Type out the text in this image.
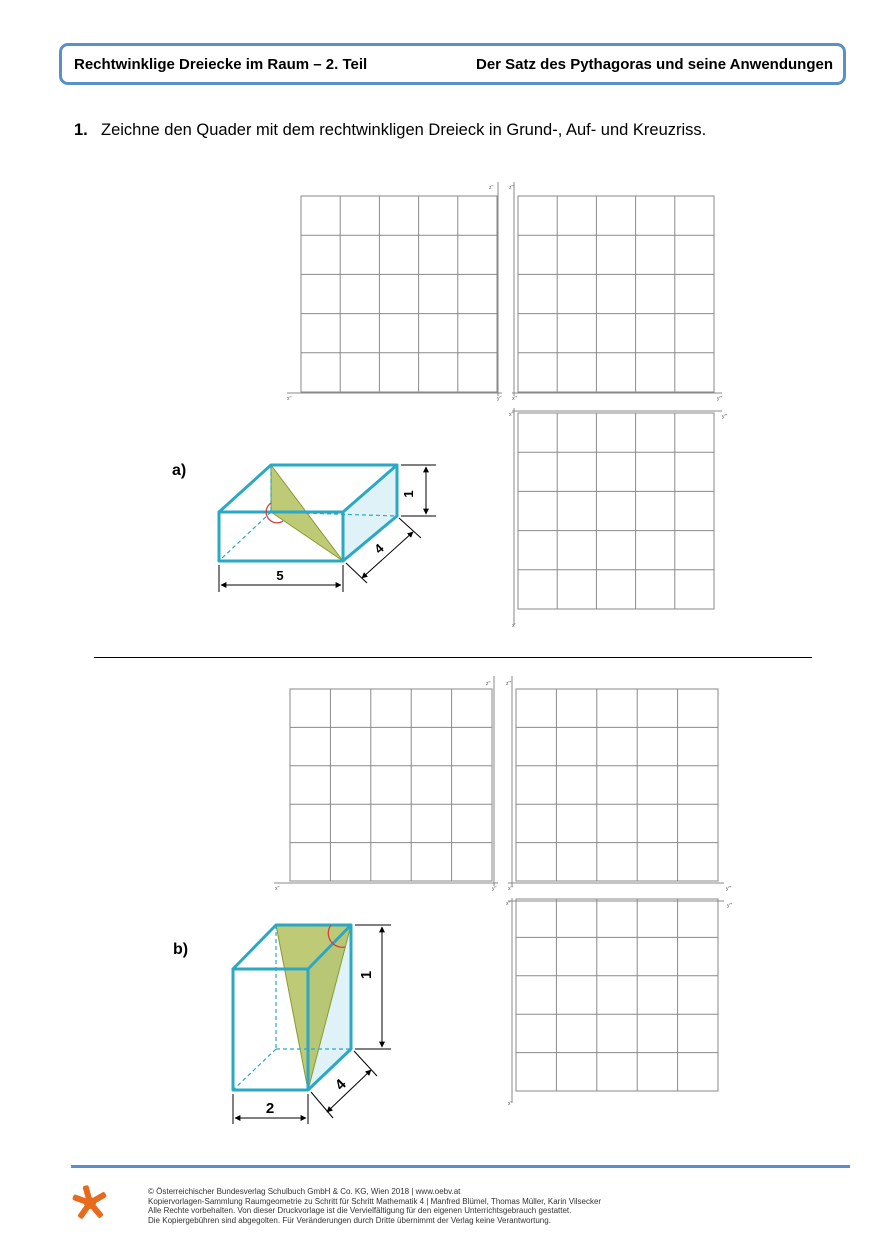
Rechtwinklige Dreiecke im Raum – 2. Teil	Der Satz des Pythagoras und seine Anwendungen
1. Zeichne den Quader mit dem rechtwinkligen Dreieck in Grund-, Auf- und Kreuzriss.
a)
b)
z''	z'''
x''	y'' x'''	y'''
x''	y'''
x'
z''	z'''
x''	y'' x'''	y'''
x''	y'''
x'
1
5
4
1
2
4
© Österreichischer Bundesverlag Schulbuch GmbH & Co. KG, Wien 2018 | www.oebv.at
Kopiervorlagen-Sammlung Raumgeometrie zu Schritt für Schritt Mathematik 4 | Manfred Blümel, Thomas Müller, Karin Vilsecker
Alle Rechte vorbehalten. Von dieser Druckvorlage ist die Vervielfältigung für den eigenen Unterrichtsgebrauch gestattet.
Die Kopiergebühren sind abgegolten. Für Veränderungen durch Dritte übernimmt der Verlag keine Verantwortung.
